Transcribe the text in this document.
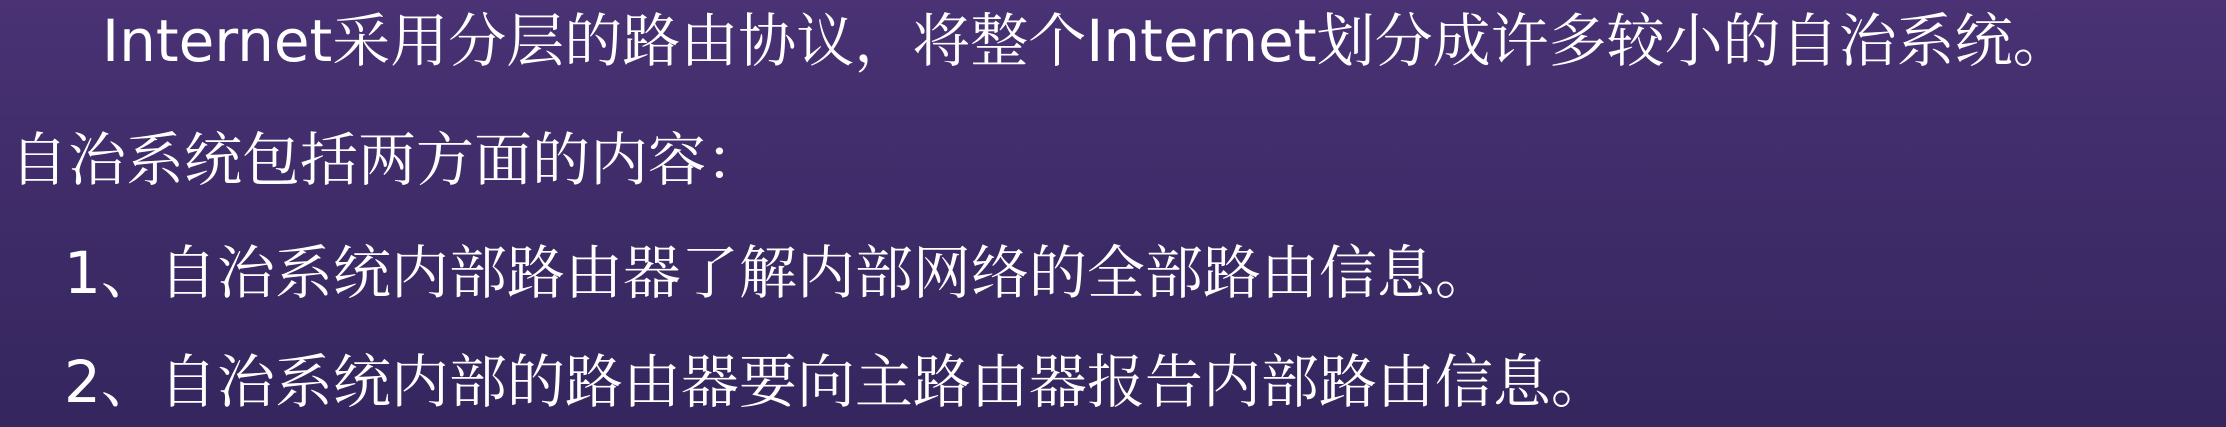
Internet采用分层的路由协议，将整个Internet划分成许多较小的自治系统。
自治系统包括两方面的内容：
1、自治系统内部路由器了解内部网络的全部路由信息。
2、自治系统内部的路由器要向主路由器报告内部路由信息。
